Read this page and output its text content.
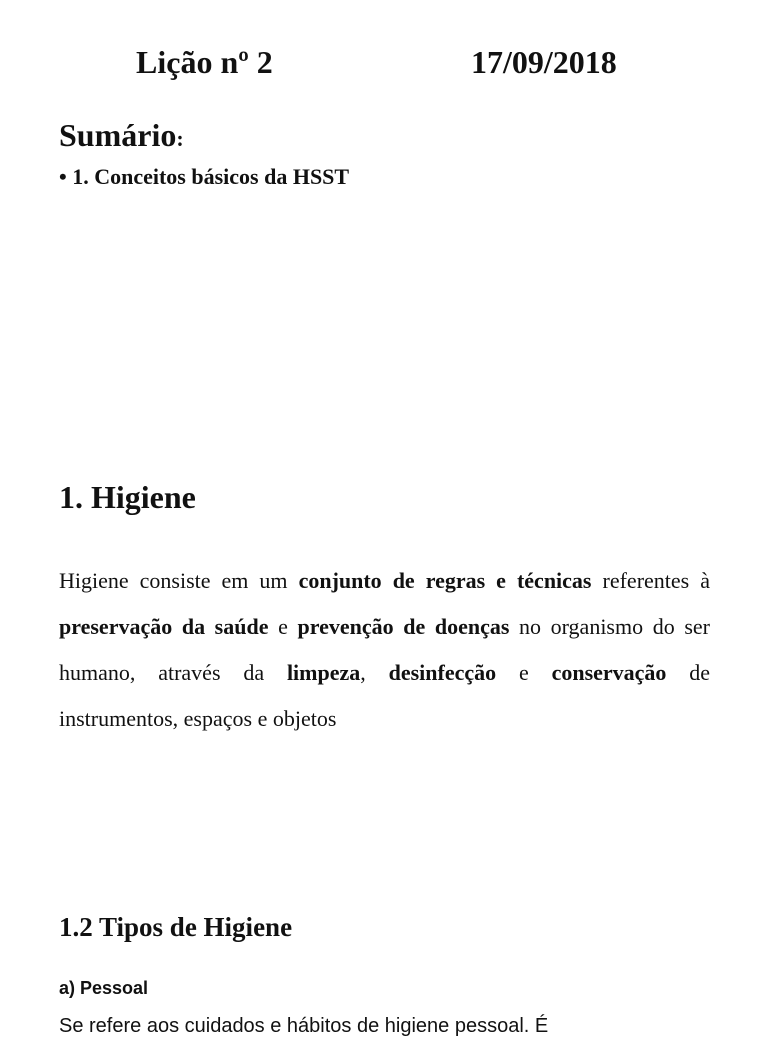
Lição nº 2	17/09/2018
Sumário:
• 1. Conceitos básicos da HSST
1. Higiene
Higiene consiste em um conjunto de regras e técnicas referentes à preservação da saúde e prevenção de doenças no organismo do ser humano, através da limpeza, desinfecção e conservação de instrumentos, espaços e objetos
1.2 Tipos de Higiene
a) Pessoal
Se refere aos cuidados e hábitos de higiene pessoal. É
